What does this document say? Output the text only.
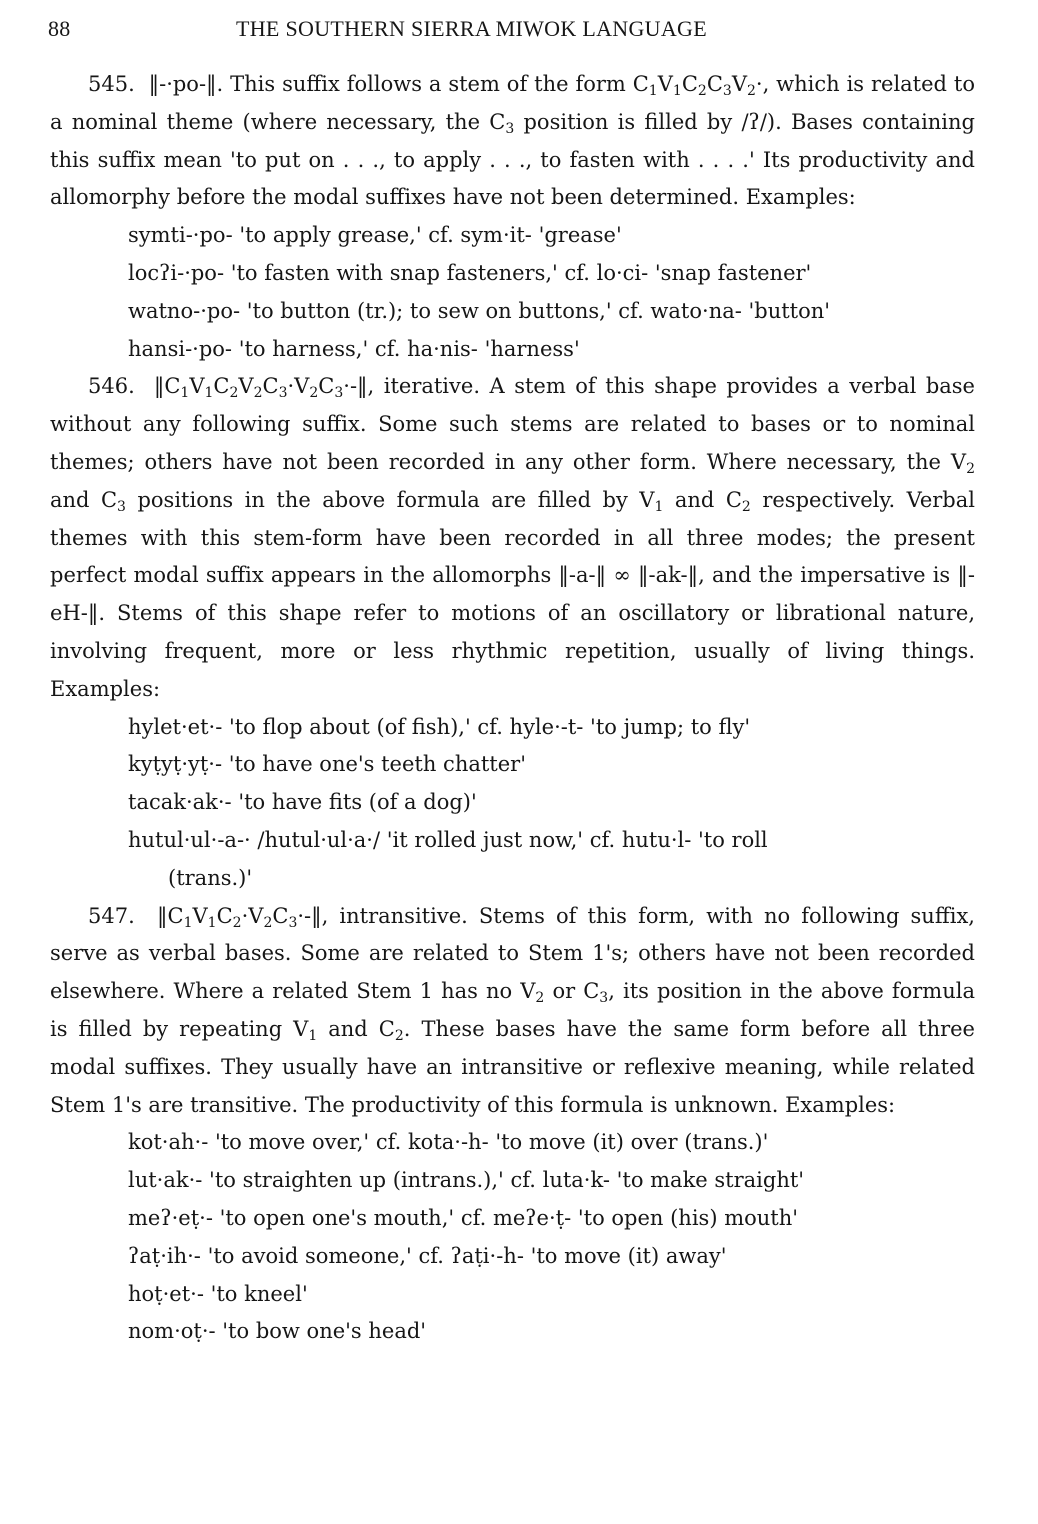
88	THE SOUTHERN SIERRA MIWOK LANGUAGE

545. ‖-·po-‖. This suffix follows a stem of the form $C_1V_1C_2C_3V_2\cdot$, which is related to a nominal theme (where necessary, the $C_3$ position is filled by /ʔ/). Bases containing this suffix mean 'to put on . . ., to apply . . ., to fasten with . . . .' Its productivity and allomorphy before the modal suffixes have not been determined. Examples:

symti-·po- 'to apply grease,' cf. sym·it- 'grease'

locʔi-·po- 'to fasten with snap fasteners,' cf. lo·ci- 'snap fastener'

watno-·po- 'to button (tr.); to sew on buttons,' cf. wato·na- 'button'

hansi-·po- 'to harness,' cf. ha·nis- 'harness'

546. $‖C_1V_1C_2V_2C_3\cdot V_2C_3\cdot-‖$, iterative. A stem of this shape provides a verbal base without any following suffix. Some such stems are related to bases or to nominal themes; others have not been recorded in any other form. Where necessary, the $V_2$ and $C_3$ positions in the above formula are filled by $V_1$ and $C_2$ respectively. Verbal themes with this stem-form have been recorded in all three modes; the present perfect modal suffix appears in the allomorphs ‖-a-‖ ∞ ‖-ak-‖, and the impersative is ‖-eH-‖. Stems of this shape refer to motions of an oscillatory or librational nature, involving frequent, more or less rhythmic repetition, usually of living things. Examples:

hylet·et·- 'to flop about (of fish),' cf. hyle·-t- 'to jump; to fly'

kyṭyṭ·yṭ·- 'to have one's teeth chatter'

tacak·ak·- 'to have fits (of a dog)'

hutul·ul·-a-· /hutul·ul·a·/ 'it rolled just now,' cf. hutu·l- 'to roll

(trans.)'

547. $‖C_1V_1C_2\cdot V_2C_3\cdot-‖$, intransitive. Stems of this form, with no following suffix, serve as verbal bases. Some are related to Stem 1's; others have not been recorded elsewhere. Where a related Stem 1 has no $V_2$ or $C_3$, its position in the above formula is filled by repeating $V_1$ and $C_2$. These bases have the same form before all three modal suffixes. They usually have an intransitive or reflexive meaning, while related Stem 1's are transitive. The productivity of this formula is unknown. Examples:

kot·ah·- 'to move over,' cf. kota·-h- 'to move (it) over (trans.)'

lut·ak·- 'to straighten up (intrans.),' cf. luta·k- 'to make straight'

meʔ·eṭ·- 'to open one's mouth,' cf. meʔe·ṭ- 'to open (his) mouth'

ʔaṭ·ih·- 'to avoid someone,' cf. ʔaṭi·-h- 'to move (it) away'

hoṭ·et·- 'to kneel'

nom·oṭ·- 'to bow one's head'
